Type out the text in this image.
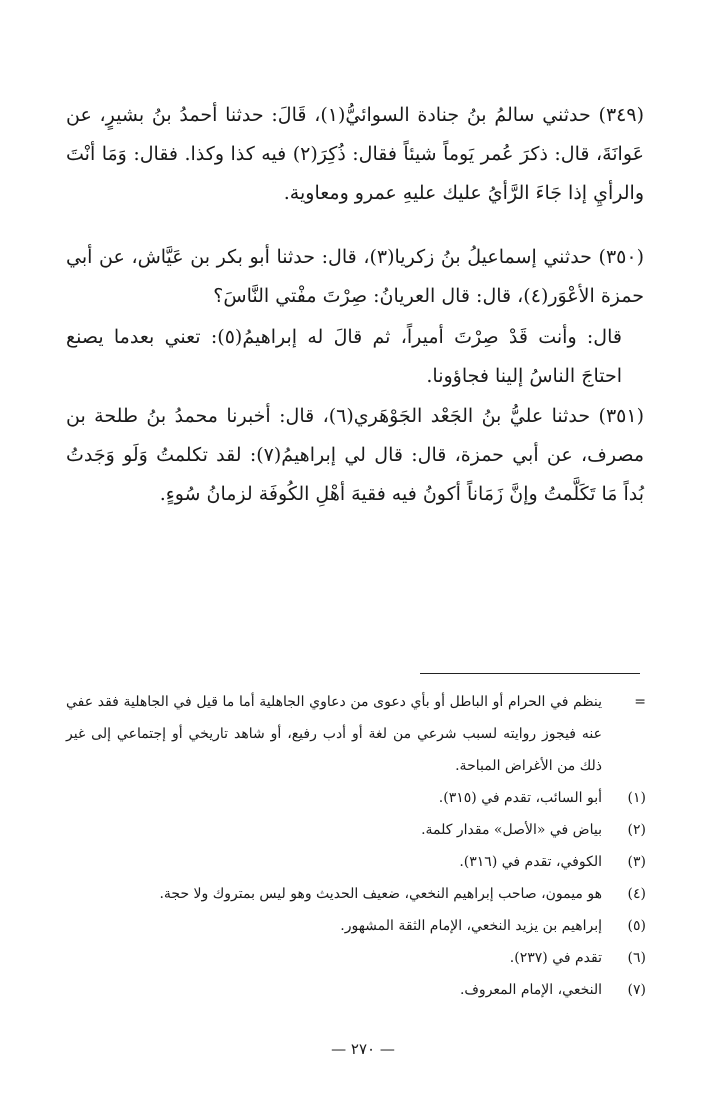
(٣٤٩) حدثني سالمُ بنُ جنادة السوائيُّ(١)، قَالَ: حدثنا أحمدُ بنُ بشيرٍ، عن عَوانَةَ، قال: ذكرَ عُمر يَوماً شيئاً فقال: ذُكِرَ(٢) فيه كذا وكذا. فقال: وَمَا أنْتَ والرأيِ إذا جَاءَ الرَّأيُ عليك عليهِ عمرو ومعاوية.

(٣٥٠) حدثني إسماعيلُ بنُ زكريا(٣)، قال: حدثنا أبو بكر بن عَيَّاش، عن أبي حمزة الأعْوَر(٤)، قال: قال العريانُ: صِرْتَ مفْتي النَّاسَ؟

قال: وأنت قَدْ صِرْتَ أميراً، ثم قالَ له إبراهيمُ(٥): تعني بعدما يصنع احتاجَ الناسُ إلينا فجاؤونا.

(٣٥١) حدثنا عليُّ بنُ الجَعْد الجَوْهَري(٦)، قال: أخبرنا محمدُ بنُ طلحة بن مصرف، عن أبي حمزة، قال: قال لي إبراهيمُ(٧): لقد تكلمتُ وَلَو وَجَدتُ بُداً مَا تَكَلَّمتُ وإنَّ زَمَاناً أكونُ فيه فقيهَ أهْلِ الكُوفَة لزمانُ سُوءٍ.

=
ينظم في الحرام أو الباطل أو بأي دعوى من دعاوي الجاهلية أما ما قيل في الجاهلية فقد عفي عنه فيجوز روايته لسبب شرعي من لغة أو أدب رفيع، أو شاهد تاريخي أو إجتماعي إلى غير ذلك من الأغراض المباحة.
(١)
أبو السائب، تقدم في (٣١٥).
(٢)
بياض في «الأصل» مقدار كلمة.
(٣)
الكوفي، تقدم في (٣١٦).
(٤)
هو ميمون، صاحب إبراهيم النخعي، ضعيف الحديث وهو ليس بمتروك ولا حجة.
(٥)
إبراهيم بن يزيد النخعي، الإمام الثقة المشهور.
(٦)
تقدم في (٢٣٧).
(٧)
النخعي، الإمام المعروف.
— ٢٧٠ —
